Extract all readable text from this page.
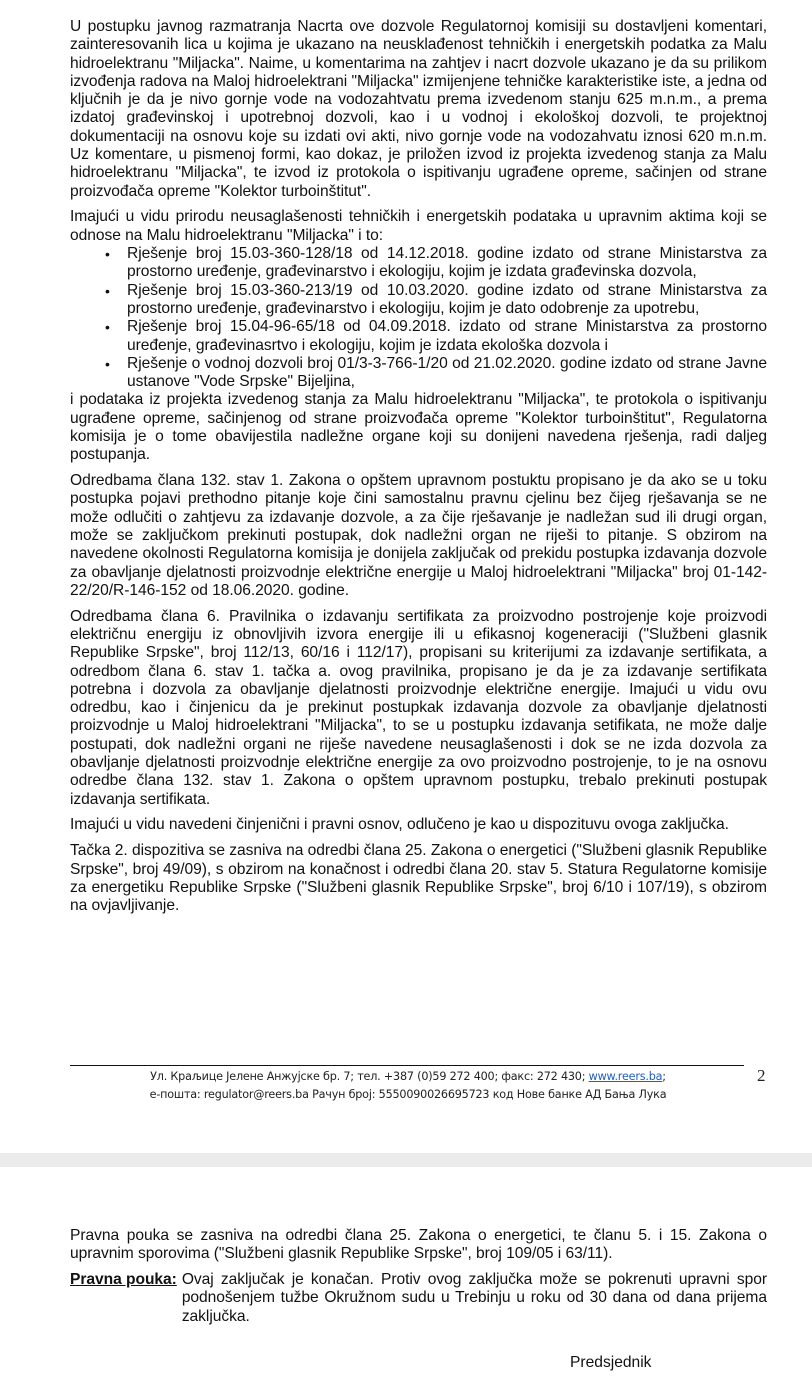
U postupku javnog razmatranja Nacrta ove dozvole Regulatornoj komisiji su dostavljeni komentari, zainteresovanih lica u kojima je ukazano na neusklađenost tehničkih i energetskih podatka za Malu hidroelektranu "Miljacka". Naime, u komentarima na zahtjev i nacrt dozvole ukazano je da su prilikom izvođenja radova na Maloj hidroelektrani "Miljacka" izmijenjene tehničke karakteristike iste, a jedna od ključnih je da je nivo gornje vode na vodozahtvatu prema izvedenom stanju 625 m.n.m., a prema izdatoj građevinskoj i upotrebnoj dozvoli, kao i u vodnoj i ekološkoj dozvoli, te projektnoj dokumentaciji na osnovu koje su izdati ovi akti, nivo gornje vode na vodozahvatu iznosi 620 m.n.m. Uz komentare, u pismenoj formi, kao dokaz, je priložen izvod iz projekta izvedenog stanja za Malu hidroelektranu "Miljacka", te izvod iz protokola o ispitivanju ugrađene opreme, sačinjen od strane proizvođača opreme "Kolektor turboinštitut".

Imajući u vidu prirodu neusaglašenosti tehničkih i energetskih podataka u upravnim aktima koji se odnose na Malu hidroelektranu "Miljacka" i to:

• Rješenje broj 15.03-360-128/18 od 14.12.2018. godine izdato od strane Ministarstva za prostorno uređenje, građevinarstvo i ekologiju, kojim je izdata građevinska dozvola,
• Rješenje broj 15.03-360-213/19 od 10.03.2020. godine izdato od strane Ministarstva za prostorno uređenje, građevinarstvo i ekologiju, kojim je dato odobrenje za upotrebu,
• Rješenje broj 15.04-96-65/18 od 04.09.2018. izdato od strane Ministarstva za prostorno uređenje, građevinasrtvo i ekologiju, kojim je izdata ekološka dozvola i
• Rješenje o vodnoj dozvoli broj 01/3-3-766-1/20 od 21.02.2020. godine izdato od strane Javne ustanove "Vode Srpske" Bijeljina,

i podataka iz projekta izvedenog stanja za Malu hidroelektranu "Miljacka", te protokola o ispitivanju ugrađene opreme, sačinjenog od strane proizvođača opreme "Kolektor turboinštitut", Regulatorna komisija je o tome obavijestila nadležne organe koji su donijeni navedena rješenja, radi daljeg postupanja.

Odredbama člana 132. stav 1. Zakona o opštem upravnom postuktu propisano je da ako se u toku postupka pojavi prethodno pitanje koje čini samostalnu pravnu cjelinu bez čijeg rješavanja se ne može odlučiti o zahtjevu za izdavanje dozvole, a za čije rješavanje je nadležan sud ili drugi organ, može se zaključkom prekinuti postupak, dok nadležni organ ne riješi to pitanje. S obzirom na navedene okolnosti Regulatorna komisija je donijela zaključak od prekidu postupka izdavanja dozvole za obavljanje djelatnosti proizvodnje električne energije u Maloj hidroelektrani "Miljacka" broj 01-142-22/20/R-146-152 od 18.06.2020. godine.

Odredbama člana 6. Pravilnika o izdavanju sertifikata za proizvodno postrojenje koje proizvodi električnu energiju iz obnovljivih izvora energije ili u efikasnoj kogeneraciji ("Službeni glasnik Republike Srpske", broj 112/13, 60/16 i 112/17), propisani su kriterijumi za izdavanje sertifikata, a odredbom člana 6. stav 1. tačka a. ovog pravilnika, propisano je da je za izdavanje sertifikata potrebna i dozvola za obavljanje djelatnosti proizvodnje električne energije. Imajući u vidu ovu odredbu, kao i činjenicu da je prekinut postupkak izdavanja dozvole za obavljanje djelatnosti proizvodnje u Maloj hidroelektrani "Miljacka", to se u postupku izdavanja setifikata, ne može dalje postupati, dok nadležni organi ne riješe navedene neusaglašenosti i dok se ne izda dozvola za obavljanje djelatnosti proizvodnje električne energije za ovo proizvodno postrojenje, to je na osnovu odredbe člana 132. stav 1. Zakona o opštem upravnom postupku, trebalo prekinuti postupak izdavanja sertifikata.

Imajući u vidu navedeni činjenični i pravni osnov, odlučeno je kao u dispozituvu ovoga zaključka.

Tačka 2. dispozitiva se zasniva na odredbi člana 25. Zakona o energetici ("Službeni glasnik Republike Srpske", broj 49/09), s obzirom na konačnost i odredbi člana 20. stav 5. Statura Regulatorne komisije za energetiku Republike Srpske ("Službeni glasnik Republike Srpske", broj 6/10 i 107/19), s obzirom na ovjavljivanje.

Ул. Краљице Јелене Анжујске бр. 7; тел. +387 (0)59 272 400; факс: 272 430; www.reers.ba;
е-пошта: regulator@reers.ba Рачун број: 5550090026695723 код Нове банке АД Бања Лука
2

Pravna pouka se zasniva na odredbi člana 25. Zakona o energetici, te članu 5. i 15. Zakona o upravnim sporovima ("Službeni glasnik Republike Srpske", broj 109/05 i 63/11).

Pravna pouka: Ovaj zaključak je konačan. Protiv ovog zaključka može se pokrenuti upravni spor podnošenjem tužbe Okružnom sudu u Trebinju u roku od 30 dana od dana prijema zaključka.
Predsjednik
